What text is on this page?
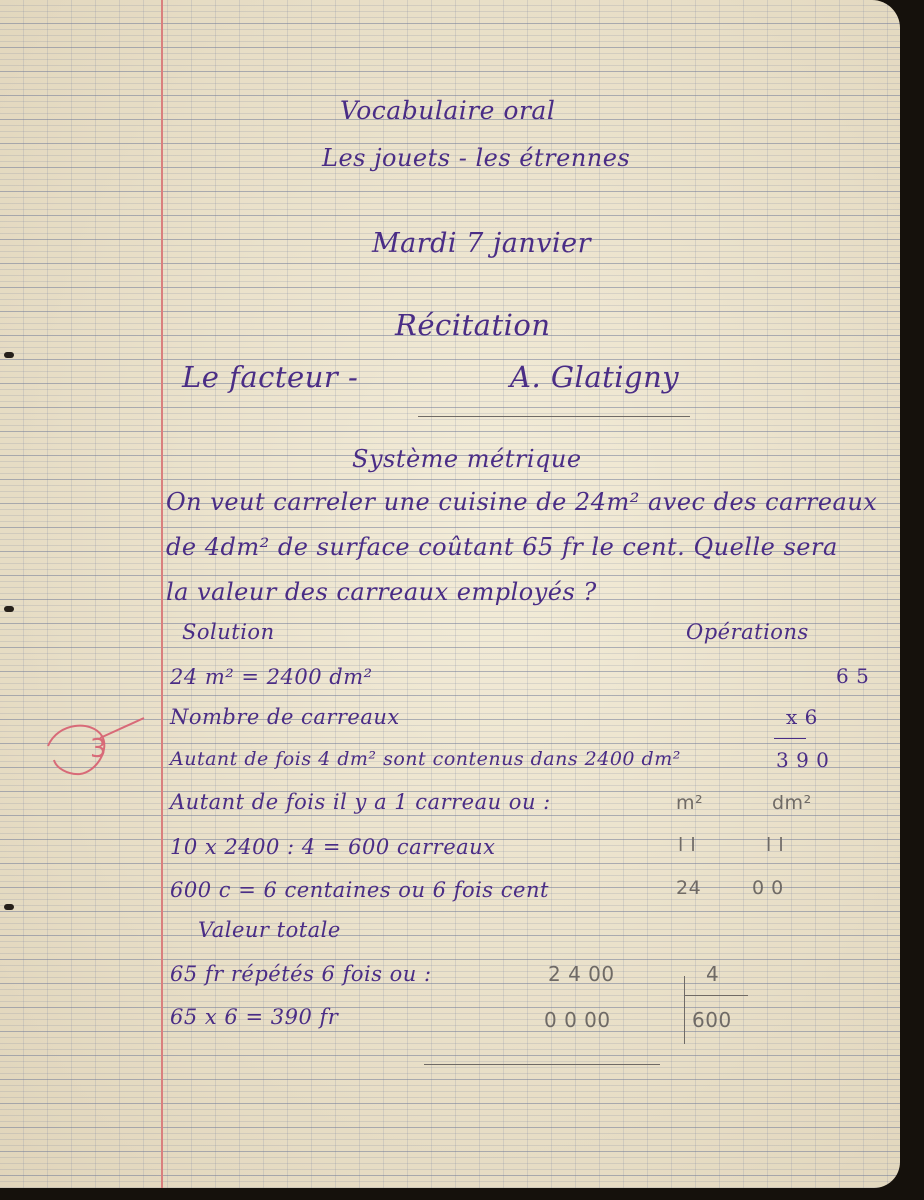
Vocabulaire oral
Les jouets - les étrennes
Mardi 7 janvier
Récitation
Le facteur -	A. Glatigny
Système métrique
On veut carreler une cuisine de 24m² avec des carreaux
de 4dm² de surface coûtant 65 fr le cent. Quelle sera
la valeur des carreaux employés ?
Solution	Opérations
24 m² = 2400 dm²
Nombre de carreaux
Autant de fois 4 dm² sont contenus dans 2400 dm²
Autant de fois il y a 1 carreau ou :
10 x 2400 : 4 = 600 carreaux
600 c = 6 centaines ou 6 fois cent
Valeur totale
65 fr répétés 6 fois ou :
65 x 6 = 390 fr
6 5
x 6
3 9 0
m²	dm²
l l	l l
24	0 0
2 4 00	4
0 0 00	600
3
